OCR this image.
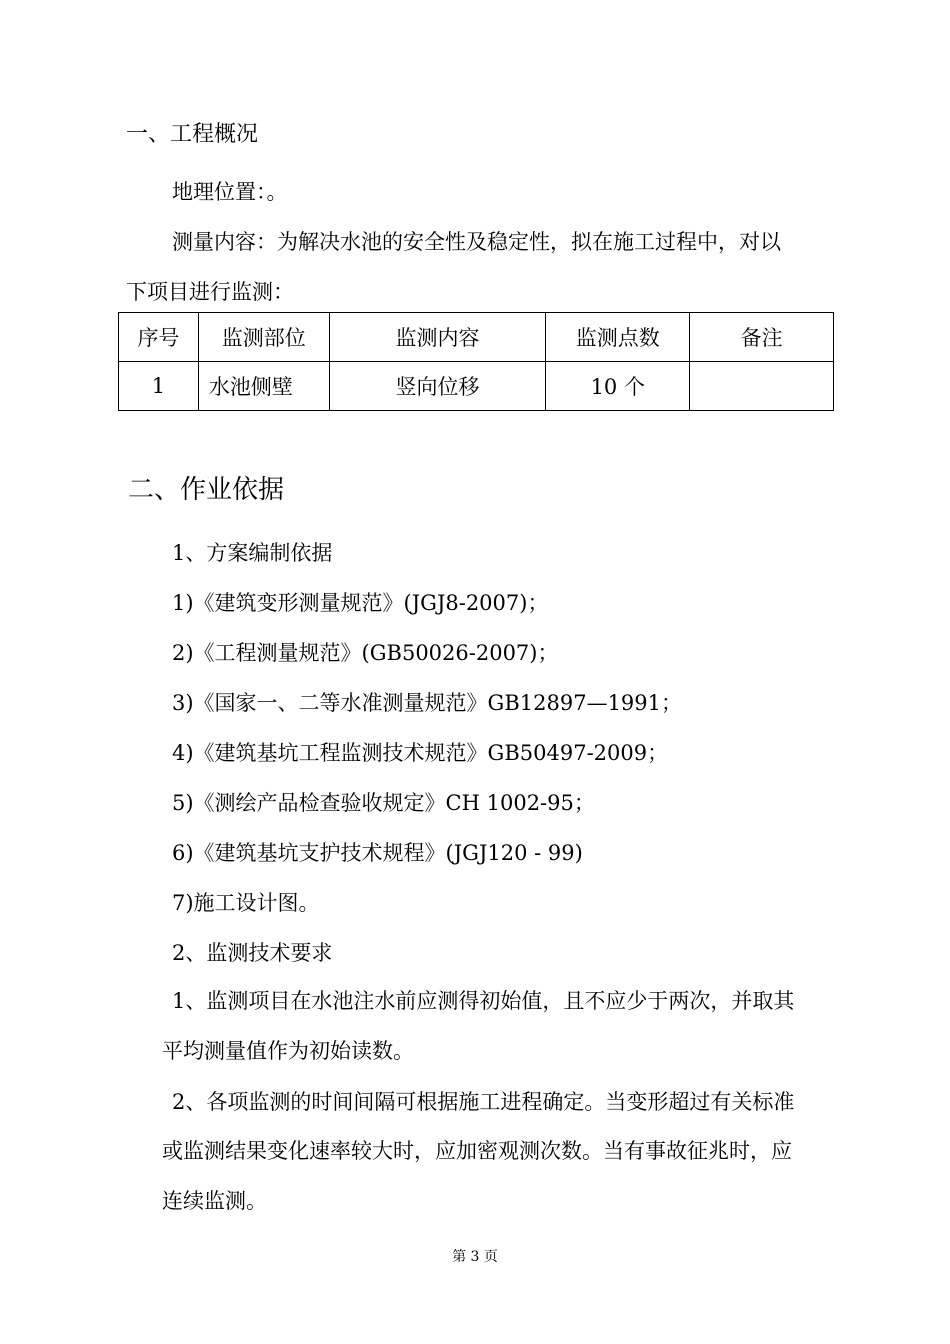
一、工程概况
地理位置：。
测量内容：为解决水池的安全性及稳定性，拟在施工过程中，对以
下项目进行监测：
序号	监测部位	监测内容	监测点数	备注
1	水池侧壁	竖向位移	10 个	
二、作业依据
1、方案编制依据
1)《建筑变形测量规范》(JGJ8-2007)；
2)《工程测量规范》(GB50026-2007)；
3)《国家一、二等水准测量规范》GB12897—1991；
4)《建筑基坑工程监测技术规范》GB50497-2009；
5)《测绘产品检查验收规定》CH 1002-95；
6)《建筑基坑支护技术规程》(JGJ120 - 99)
7)施工设计图。
2、监测技术要求
1、监测项目在水池注水前应测得初始值，且不应少于两次，并取其
平均测量值作为初始读数。
2、各项监测的时间间隔可根据施工进程确定。当变形超过有关标准
或监测结果变化速率较大时，应加密观测次数。当有事故征兆时，应
连续监测。
第 3 页
